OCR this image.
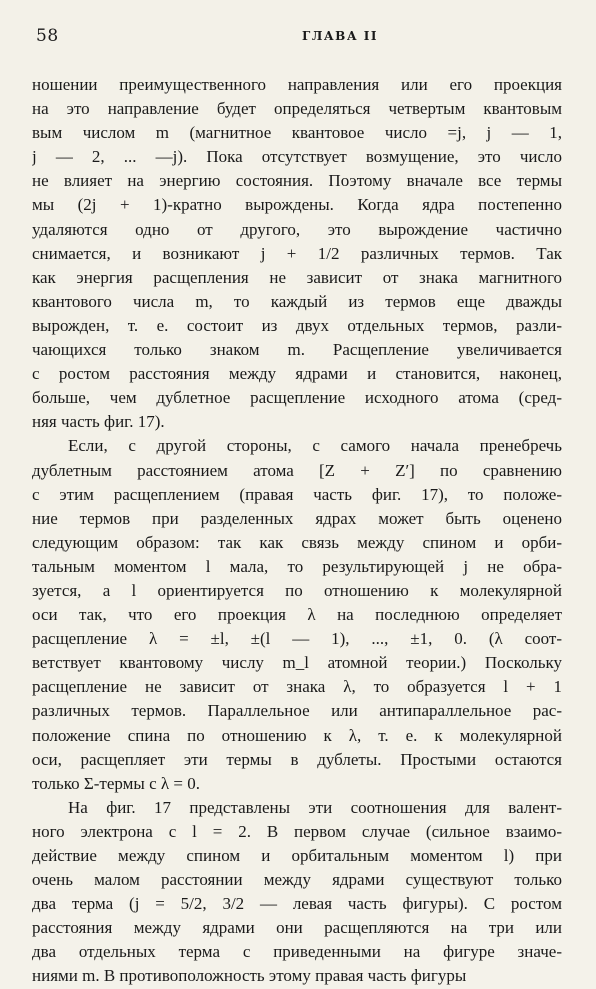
58	ГЛАВА II
ношении преимущественного направления или его проекция
на это направление будет определяться четвертым квантовым
вым числом m (магнитное квантовое число =j, j — 1,
j — 2, ... —j). Пока отсутствует возмущение, это число
не влияет на энергию состояния. Поэтому вначале все термы
мы (2j + 1)-кратно вырождены. Когда ядра постепенно
удаляются одно от другого, это вырождение частично
снимается, и возникают j + 1/2 различных термов. Так
как энергия расщепления не зависит от знака магнитного
квантового числа m, то каждый из термов еще дважды
вырожден, т. е. состоит из двух отдельных термов, разли-
чающихся только знаком m. Расщепление увеличивается
с ростом расстояния между ядрами и становится, наконец,
больше, чем дублетное расщепление исходного атома (сред-
няя часть фиг. 17).
Если, с другой стороны, с самого начала пренебречь
дублетным расстоянием атома [Z + Z′] по сравнению
с этим расщеплением (правая часть фиг. 17), то положе-
ние термов при разделенных ядрах может быть оценено
следующим образом: так как связь между спином и орби-
тальным моментом l мала, то результирующей j не обра-
зуется, а l ориентируется по отношению к молекулярной
оси так, что его проекция λ на последнюю определяет
расщепление λ = ±l, ±(l — 1), ..., ±1, 0. (λ соот-
ветствует квантовому числу m_l атомной теории.) Поскольку
расщепление не зависит от знака λ, то образуется l + 1
различных термов. Параллельное или антипараллельное рас-
положение спина по отношению к λ, т. е. к молекулярной
оси, расщепляет эти термы в дублеты. Простыми остаются
только Σ-термы с λ = 0.
На фиг. 17 представлены эти соотношения для валент-
ного электрона с l = 2. В первом случае (сильное взаимо-
действие между спином и орбитальным моментом l) при
очень малом расстоянии между ядрами существуют только
два терма (j = 5/2, 3/2 — левая часть фигуры). С ростом
расстояния между ядрами они расщепляются на три или
два отдельных терма с приведенными на фигуре значе-
ниями m. В противоположность этому правая часть фигуры
